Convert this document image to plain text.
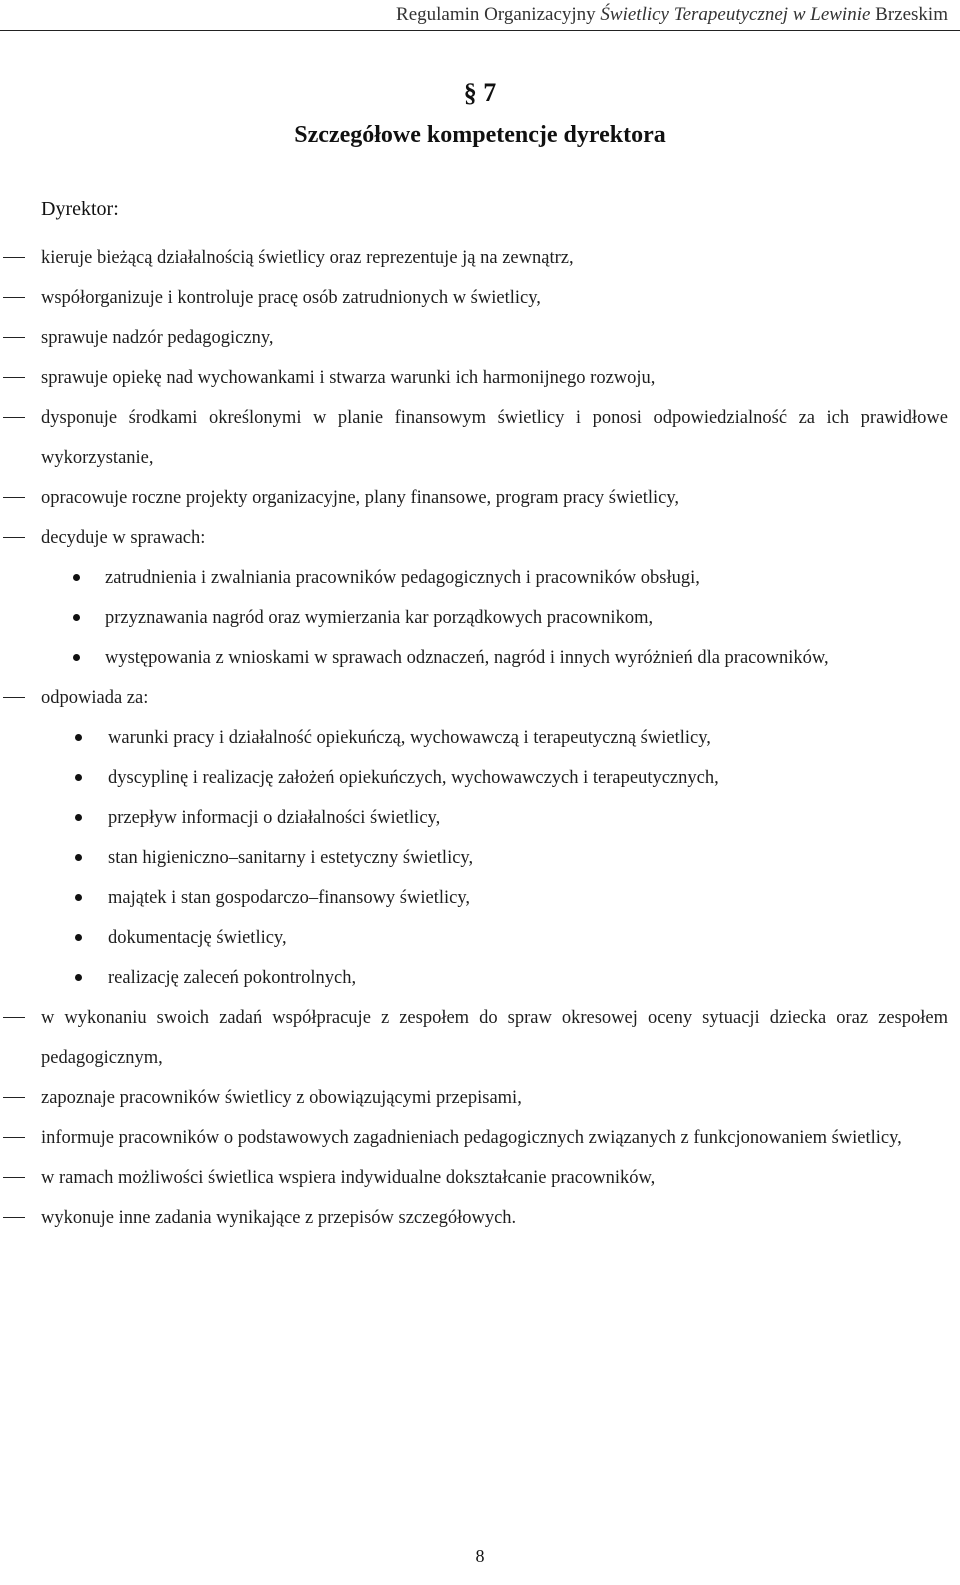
Regulamin Organizacyjny Świetlicy Terapeutycznej w Lewinie Brzeskim
§ 7
Szczegółowe kompetencje dyrektora
Dyrektor:
kieruje bieżącą działalnością świetlicy oraz reprezentuje ją na zewnątrz,
współorganizuje i kontroluje pracę osób zatrudnionych w świetlicy,
sprawuje nadzór pedagogiczny,
sprawuje opiekę nad wychowankami i stwarza warunki ich harmonijnego rozwoju,
dysponuje środkami określonymi w planie finansowym świetlicy i ponosi odpowiedzialność za ich prawidłowe wykorzystanie,
opracowuje roczne projekty organizacyjne, plany finansowe, program pracy świetlicy,
decyduje w sprawach:
zatrudnienia i zwalniania pracowników pedagogicznych i pracowników obsługi,
przyznawania nagród oraz wymierzania kar porządkowych pracownikom,
występowania z wnioskami w sprawach odznaczeń, nagród i innych wyróżnień dla pracowników,
odpowiada za:
warunki pracy i działalność opiekuńczą, wychowawczą i terapeutyczną świetlicy,
dyscyplinę i realizację założeń opiekuńczych, wychowawczych i terapeutycznych,
przepływ informacji o działalności świetlicy,
stan higieniczno–sanitarny i estetyczny świetlicy,
majątek i stan gospodarczo–finansowy świetlicy,
dokumentację świetlicy,
realizację zaleceń pokontrolnych,
w wykonaniu swoich zadań współpracuje z zespołem do spraw okresowej oceny sytuacji dziecka oraz zespołem pedagogicznym,
zapoznaje pracowników świetlicy z obowiązującymi przepisami,
informuje pracowników o podstawowych zagadnieniach pedagogicznych związanych z funkcjonowaniem świetlicy,
w ramach możliwości świetlica wspiera indywidualne dokształcanie pracowników,
wykonuje inne zadania wynikające z przepisów szczegółowych.
8
